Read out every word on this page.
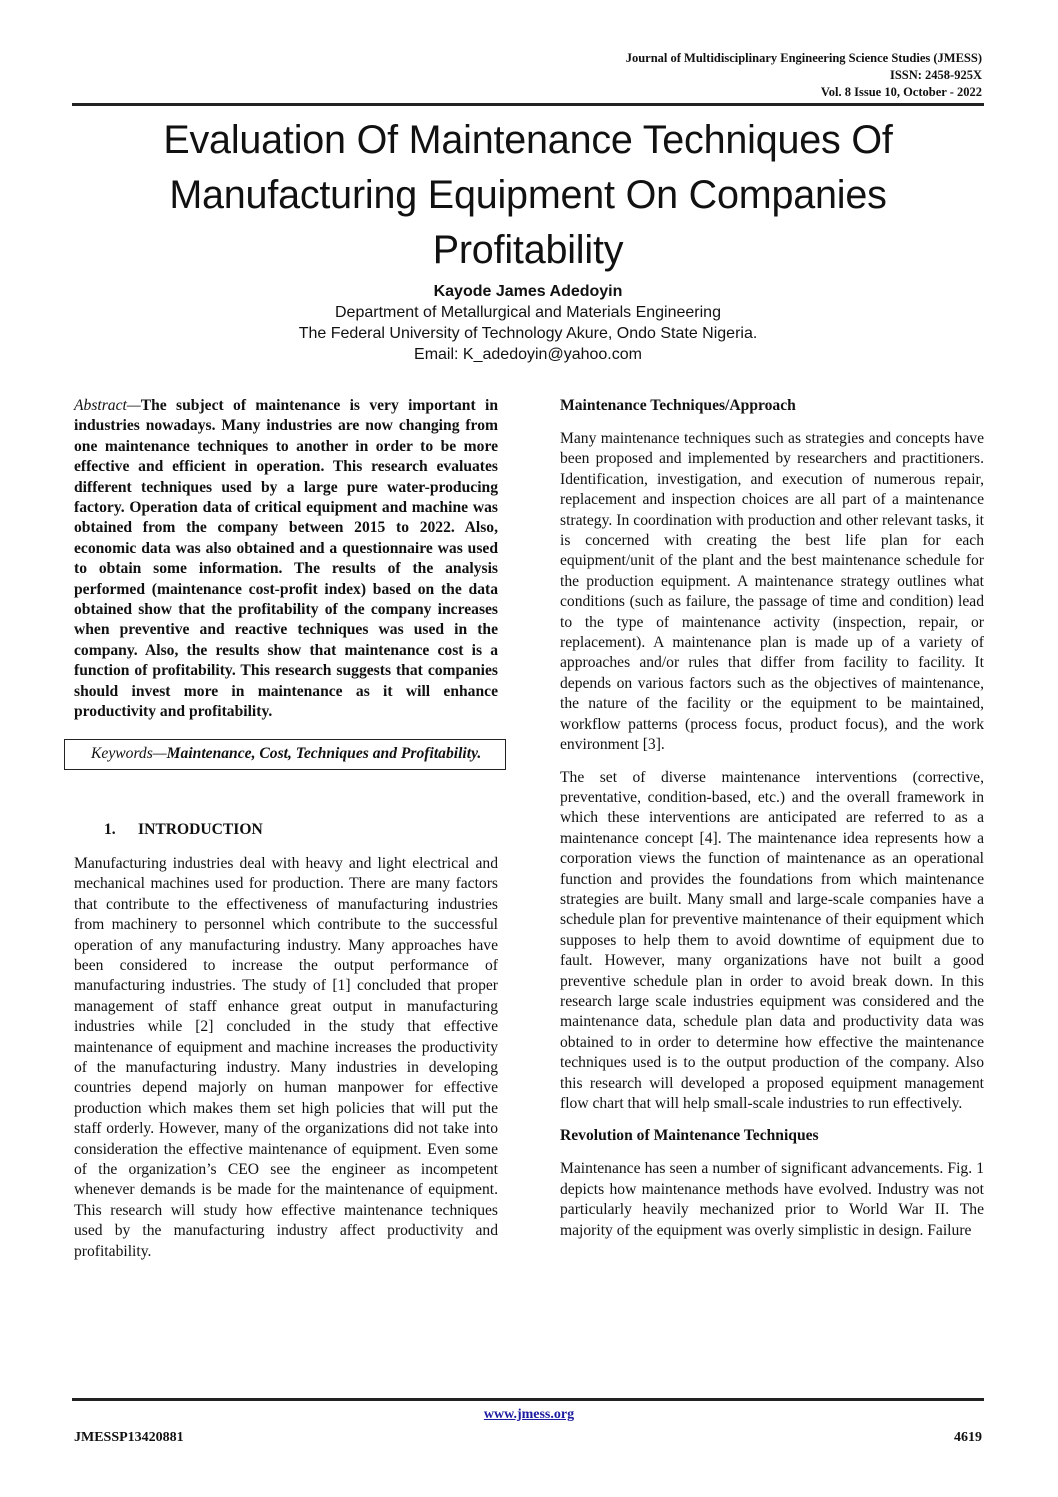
Journal of Multidisciplinary Engineering Science Studies (JMESS)
ISSN: 2458-925X
Vol. 8 Issue 10, October - 2022
Evaluation Of Maintenance Techniques Of
Manufacturing Equipment On Companies
Profitability
Kayode James Adedoyin
Department of Metallurgical and Materials Engineering
The Federal University of Technology Akure, Ondo State Nigeria.
Email: K_adedoyin@yahoo.com

Abstract—The subject of maintenance is very important in industries nowadays. Many industries are now changing from one maintenance techniques to another in order to be more effective and efficient in operation. This research evaluates different techniques used by a large pure water-producing factory. Operation data of critical equipment and machine was obtained from the company between 2015 to 2022. Also, economic data was also obtained and a questionnaire was used to obtain some information. The results of the analysis performed (maintenance cost-profit index) based on the data obtained show that the profitability of the company increases when preventive and reactive techniques was used in the company. Also, the results show that maintenance cost is a function of profitability. This research suggests that companies should invest more in maintenance as it will enhance productivity and profitability.

Keywords—Maintenance, Cost, Techniques and Profitability.

1. INTRODUCTION

Manufacturing industries deal with heavy and light electrical and mechanical machines used for production. There are many factors that contribute to the effectiveness of manufacturing industries from machinery to personnel which contribute to the successful operation of any manufacturing industry. Many approaches have been considered to increase the output performance of manufacturing industries. The study of [1] concluded that proper management of staff enhance great output in manufacturing industries while [2] concluded in the study that effective maintenance of equipment and machine increases the productivity of the manufacturing industry. Many industries in developing countries depend majorly on human manpower for effective production which makes them set high policies that will put the staff orderly. However, many of the organizations did not take into consideration the effective maintenance of equipment. Even some of the organization’s CEO see the engineer as incompetent whenever demands is be made for the maintenance of equipment. This research will study how effective maintenance techniques used by the manufacturing industry affect productivity and profitability.

Maintenance Techniques/Approach

Many maintenance techniques such as strategies and concepts have been proposed and implemented by researchers and practitioners. Identification, investigation, and execution of numerous repair, replacement and inspection choices are all part of a maintenance strategy. In coordination with production and other relevant tasks, it is concerned with creating the best life plan for each equipment/unit of the plant and the best maintenance schedule for the production equipment. A maintenance strategy outlines what conditions (such as failure, the passage of time and condition) lead to the type of maintenance activity (inspection, repair, or replacement). A maintenance plan is made up of a variety of approaches and/or rules that differ from facility to facility. It depends on various factors such as the objectives of maintenance, the nature of the facility or the equipment to be maintained, workflow patterns (process focus, product focus), and the work environment [3].

The set of diverse maintenance interventions (corrective, preventative, condition-based, etc.) and the overall framework in which these interventions are anticipated are referred to as a maintenance concept [4]. The maintenance idea represents how a corporation views the function of maintenance as an operational function and provides the foundations from which maintenance strategies are built. Many small and large-scale companies have a schedule plan for preventive maintenance of their equipment which supposes to help them to avoid downtime of equipment due to fault. However, many organizations have not built a good preventive schedule plan in order to avoid break down. In this research large scale industries equipment was considered and the maintenance data, schedule plan data and productivity data was obtained to in order to determine how effective the maintenance techniques used is to the output production of the company. Also this research will developed a proposed equipment management flow chart that will help small-scale industries to run effectively.

Revolution of Maintenance Techniques

Maintenance has seen a number of significant advancements. Fig. 1 depicts how maintenance methods have evolved. Industry was not particularly heavily mechanized prior to World War II. The majority of the equipment was overly simplistic in design. Failure

www.jmess.org
JMESSP13420881	4619
